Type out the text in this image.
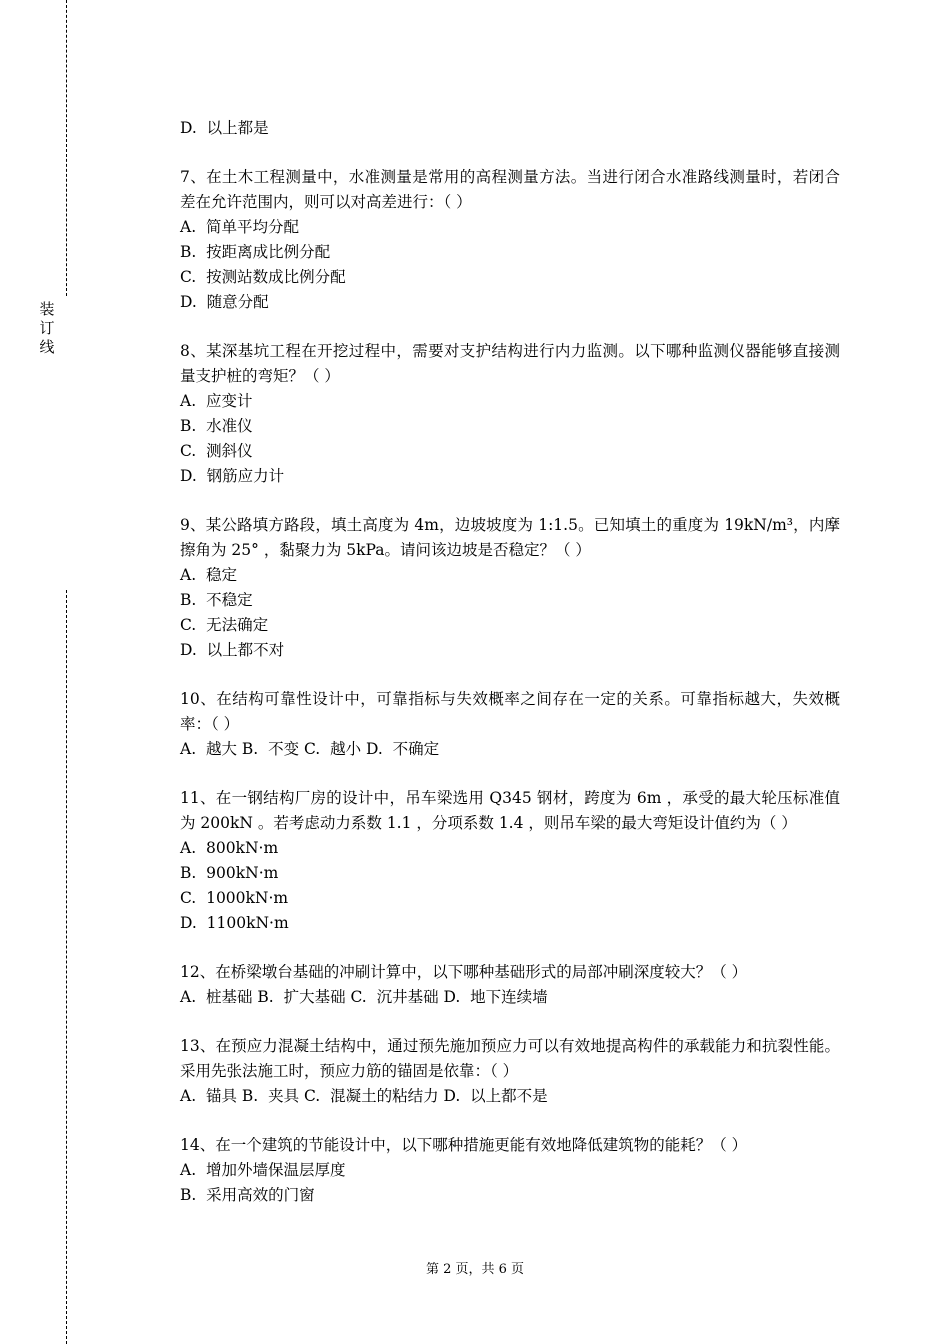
装
订
线
D.  以上都是
7、在土木工程测量中，水准测量是常用的高程测量方法。当进行闭合水准路线测量时，若闭合差在允许范围内，则可以对高差进行：（ ）
A.  简单平均分配
B.  按距离成比例分配
C.  按测站数成比例分配
D.  随意分配
8、某深基坑工程在开挖过程中，需要对支护结构进行内力监测。以下哪种监测仪器能够直接测量支护桩的弯矩？（ ）
A.  应变计
B.  水准仪
C.  测斜仪
D.  钢筋应力计
9、某公路填方路段，填土高度为 4m，边坡坡度为 1:1.5。已知填土的重度为 19kN/m³，内摩擦角为 25° ，黏聚力为 5kPa。请问该边坡是否稳定？（ ）
A.  稳定
B.  不稳定
C.  无法确定
D.  以上都不对
10、在结构可靠性设计中，可靠指标与失效概率之间存在一定的关系。可靠指标越大，失效概率：（ ）
A.  越大 B.  不变 C.  越小 D.  不确定
11、在一钢结构厂房的设计中，吊车梁选用 Q345 钢材，跨度为 6m ，承受的最大轮压标准值为 200kN 。若考虑动力系数 1.1 ，分项系数 1.4 ，则吊车梁的最大弯矩设计值约为（ ）
A.  800kN·m
B.  900kN·m
C.  1000kN·m
D.  1100kN·m
12、在桥梁墩台基础的冲刷计算中，以下哪种基础形式的局部冲刷深度较大？（ ）
A.  桩基础 B.  扩大基础 C.  沉井基础 D.  地下连续墙
13、在预应力混凝土结构中，通过预先施加预应力可以有效地提高构件的承载能力和抗裂性能。采用先张法施工时，预应力筋的锚固是依靠：（ ）
A.  锚具 B.  夹具 C.  混凝土的粘结力 D.  以上都不是
14、在一个建筑的节能设计中，以下哪种措施更能有效地降低建筑物的能耗？（ ）
A.  增加外墙保温层厚度
B.  采用高效的门窗
第 2 页，共 6 页
